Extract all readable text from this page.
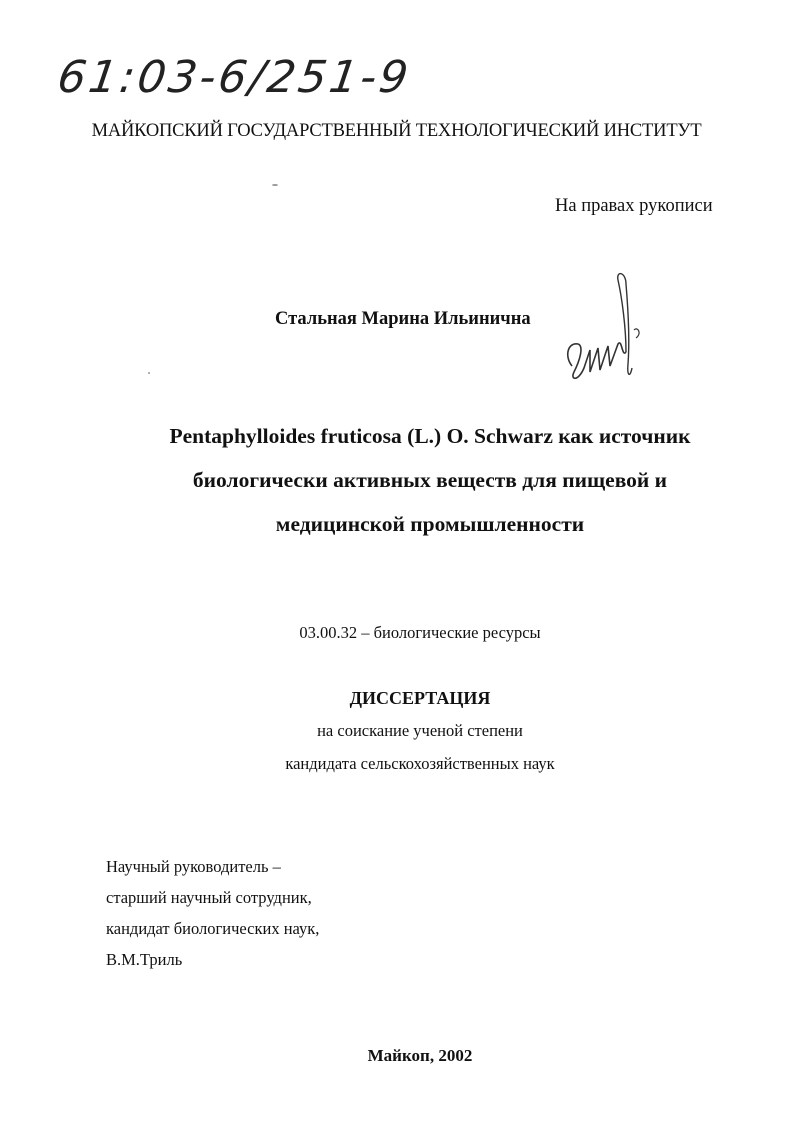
61:03-6/251-9
МАЙКОПСКИЙ ГОСУДАРСТВЕННЫЙ ТЕХНОЛОГИЧЕСКИЙ ИНСТИТУТ
На правах рукописи
Стальная Марина Ильинична
Pentaphylloides fruticosa (L.) O. Schwarz как источник
биологически активных веществ для пищевой и
медицинской промышленности
03.00.32 – биологические ресурсы
ДИССЕРТАЦИЯ
на соискание ученой степени
кандидата сельскохозяйственных наук
Научный руководитель –
старший научный сотрудник,
кандидат биологических наук,
В.М.Триль
Майкоп, 2002
